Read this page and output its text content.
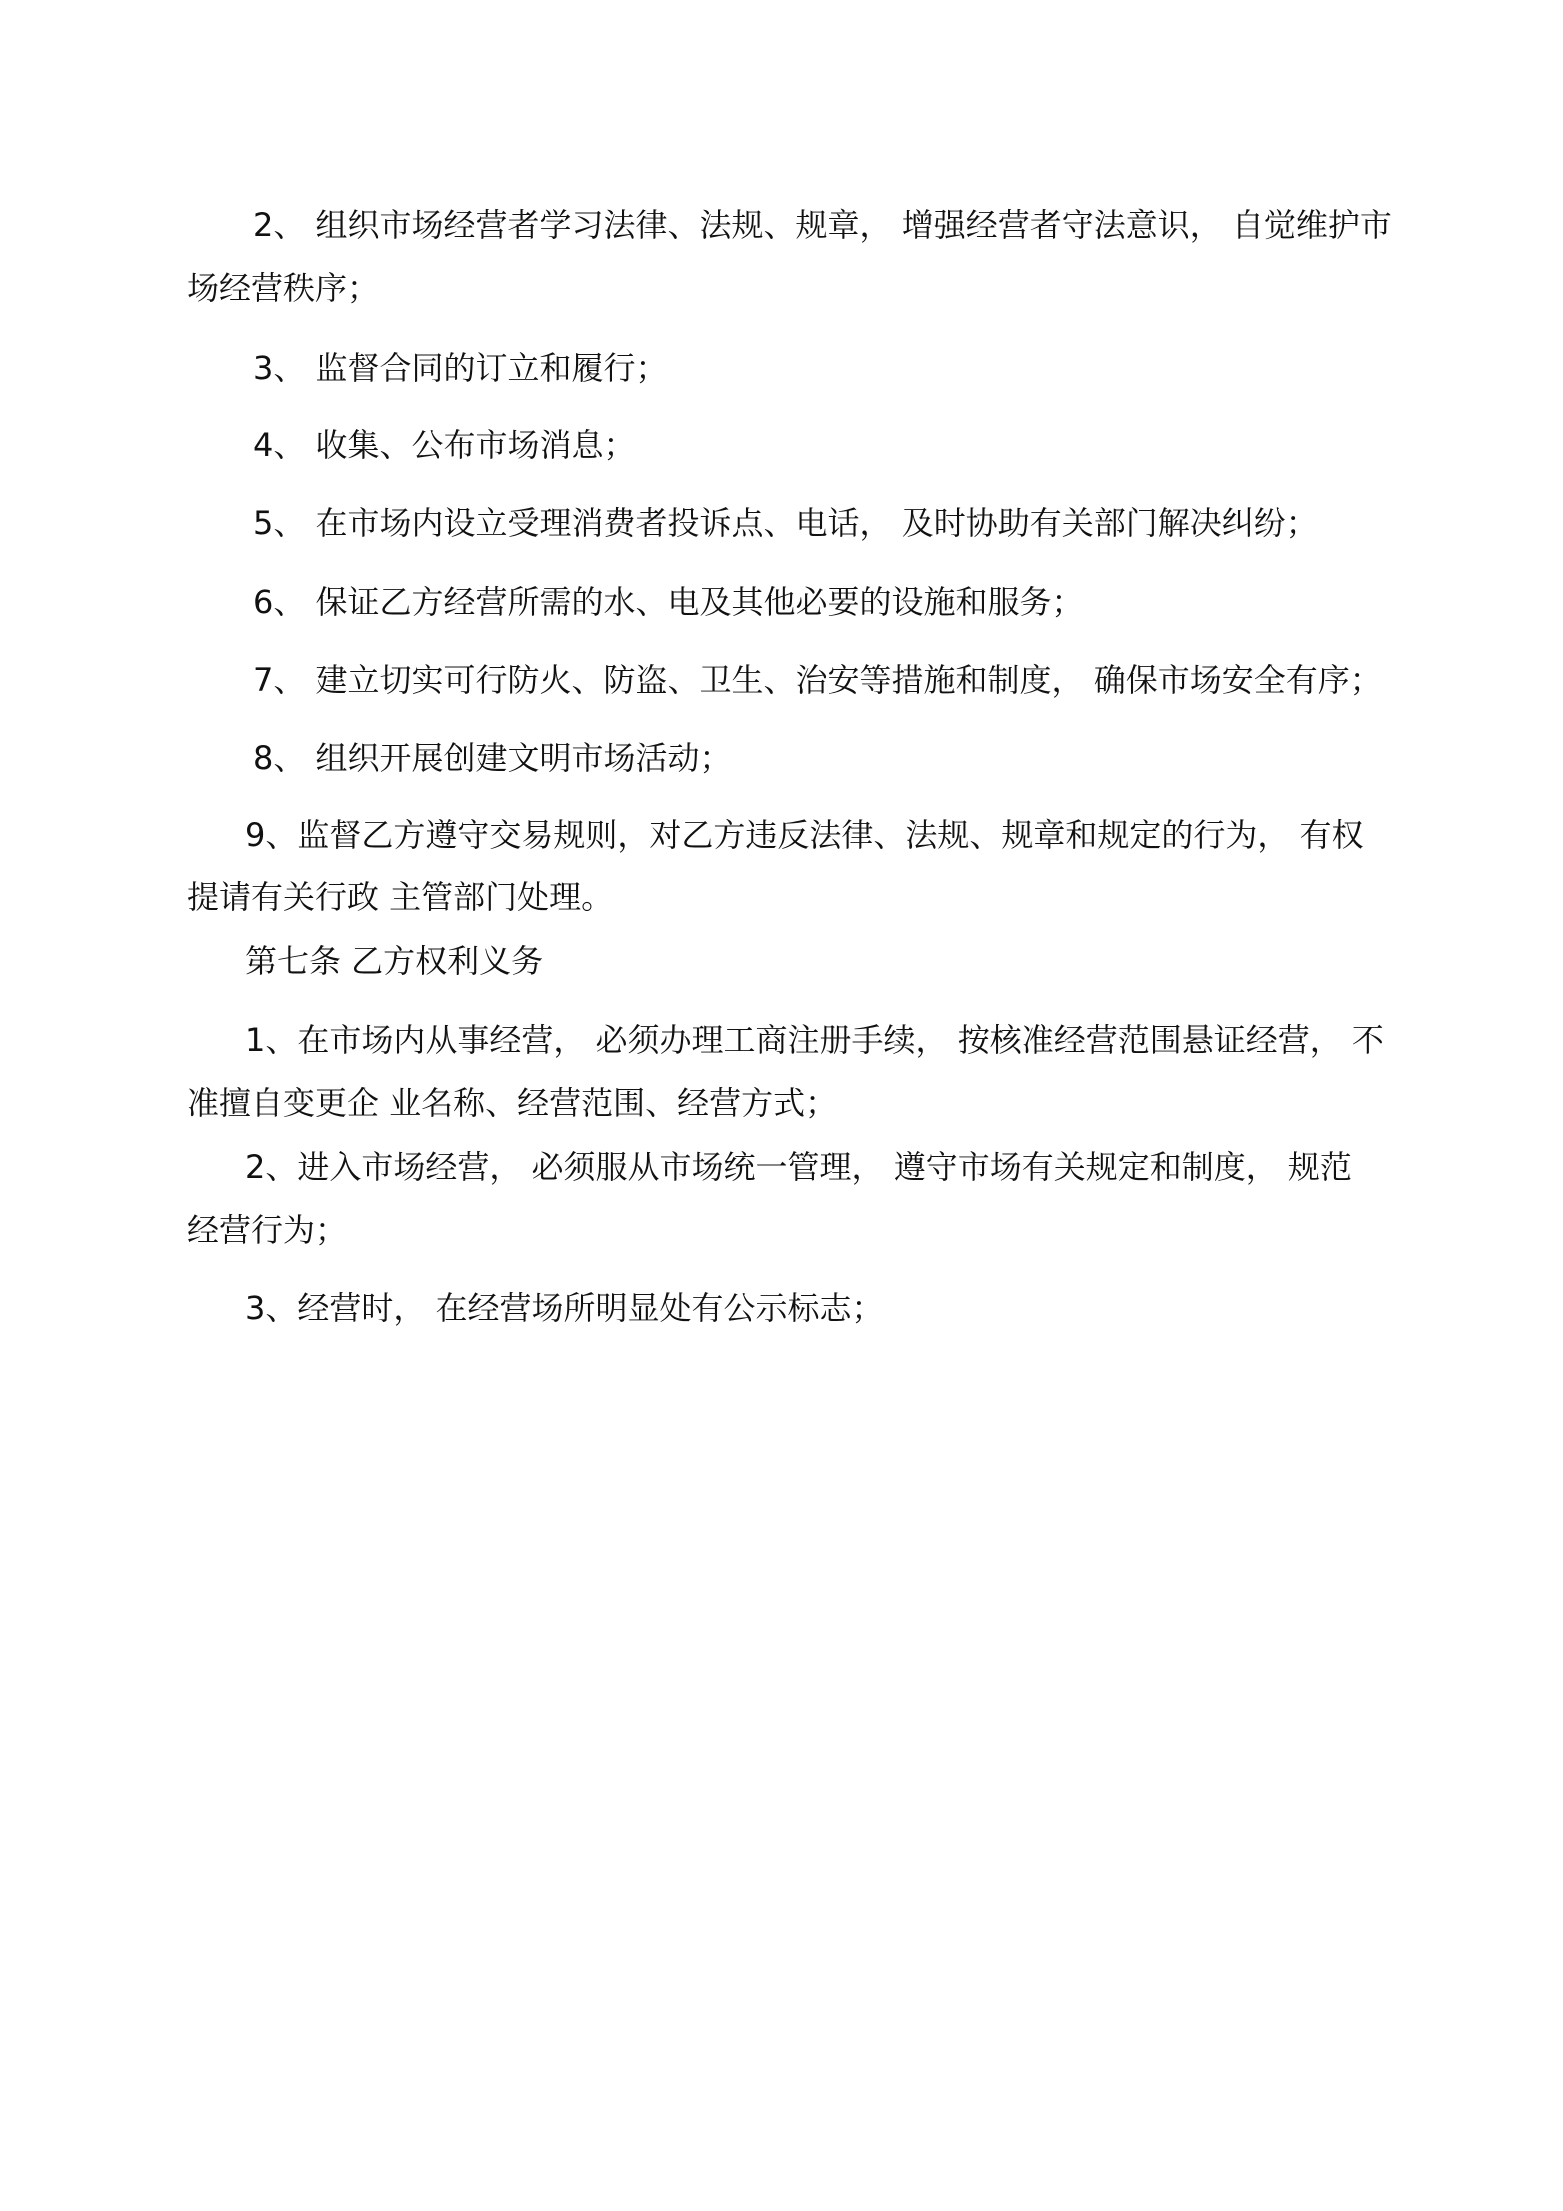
2、 组织市场经营者学习法律、法规、规章， 增强经营者守法意识， 自觉维护市
场经营秩序；
3、 监督合同的订立和履行；
4、 收集、公布市场消息；
5、 在市场内设立受理消费者投诉点、电话， 及时协助有关部门解决纠纷；
6、 保证乙方经营所需的水、电及其他必要的设施和服务；
7、 建立切实可行防火、防盗、卫生、治安等措施和制度， 确保市场安全有序；
8、 组织开展创建文明市场活动；
9、监督乙方遵守交易规则，对乙方违反法律、法规、规章和规定的行为， 有权
提请有关行政 主管部门处理。
第七条 乙方权利义务
1、在市场内从事经营， 必须办理工商注册手续， 按核准经营范围悬证经营， 不
准擅自变更企 业名称、经营范围、经营方式；
2、进入市场经营， 必须服从市场统一管理， 遵守市场有关规定和制度， 规范
经营行为；
3、经营时， 在经营场所明显处有公示标志；
